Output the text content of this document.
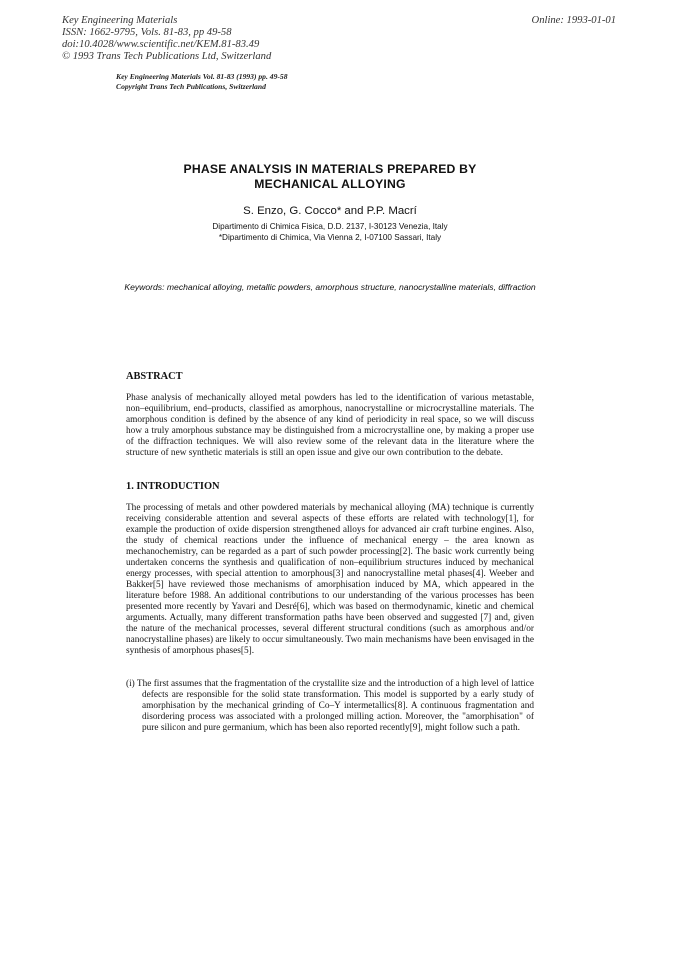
Key Engineering Materials
ISSN: 1662-9795, Vols. 81-83, pp 49-58
doi:10.4028/www.scientific.net/KEM.81-83.49
© 1993 Trans Tech Publications Ltd, Switzerland
Online: 1993-01-01
Key Engineering Materials Vol. 81-83 (1993) pp. 49-58
Copyright Trans Tech Publications, Switzerland
PHASE ANALYSIS IN MATERIALS PREPARED BY
MECHANICAL ALLOYING
S. Enzo, G. Cocco* and P.P. Macrí
Dipartimento di Chimica Fisica, D.D. 2137, I-30123 Venezia, Italy
*Dipartimento di Chimica, Via Vienna 2, I-07100 Sassari, Italy
Keywords: mechanical alloying, metallic powders, amorphous structure, nanocrystalline materials, diffraction
ABSTRACT
Phase analysis of mechanically alloyed metal powders has led to the identification of various metastable, non–equilibrium, end–products, classified as amorphous, nanocrystalline or microcrystalline materials. The amorphous condition is defined by the absence of any kind of periodicity in real space, so we will discuss how a truly amorphous substance may be distinguished from a microcrystalline one, by making a proper use of the diffraction techniques. We will also review some of the relevant data in the literature where the structure of new synthetic materials is still an open issue and give our own contribution to the debate.
1. INTRODUCTION
The processing of metals and other powdered materials by mechanical alloying (MA) technique is currently receiving considerable attention and several aspects of these efforts are related with technology[1], for example the production of oxide dispersion strengthened alloys for advanced air craft turbine engines. Also, the study of chemical reactions under the influence of mechanical energy – the area known as mechanochemistry, can be regarded as a part of such powder processing[2]. The basic work currently being undertaken concerns the synthesis and qualification of non–equilibrium structures induced by mechanical energy processes, with special attention to amorphous[3] and nanocrystalline metal phases[4]. Weeber and Bakker[5] have reviewed those mechanisms of amorphisation induced by MA, which appeared in the literature before 1988. An additional contributions to our understanding of the various processes has been presented more recently by Yavari and Desré[6], which was based on thermodynamic, kinetic and chemical arguments. Actually, many different transformation paths have been observed and suggested [7] and, given the nature of the mechanical processes, several different structural conditions (such as amorphous and/or nanocrystalline phases) are likely to occur simultaneously. Two main mechanisms have been envisaged in the synthesis of amorphous phases[5].
(i) The first assumes that the fragmentation of the crystallite size and the introduction of a high level of lattice defects are responsible for the solid state transformation. This model is supported by a early study of amorphisation by the mechanical grinding of Co–Y intermetallics[8]. A continuous fragmentation and disordering process was associated with a prolonged milling action. Moreover, the "amorphisation" of pure silicon and pure germanium, which has been also reported recently[9], might follow such a path.
